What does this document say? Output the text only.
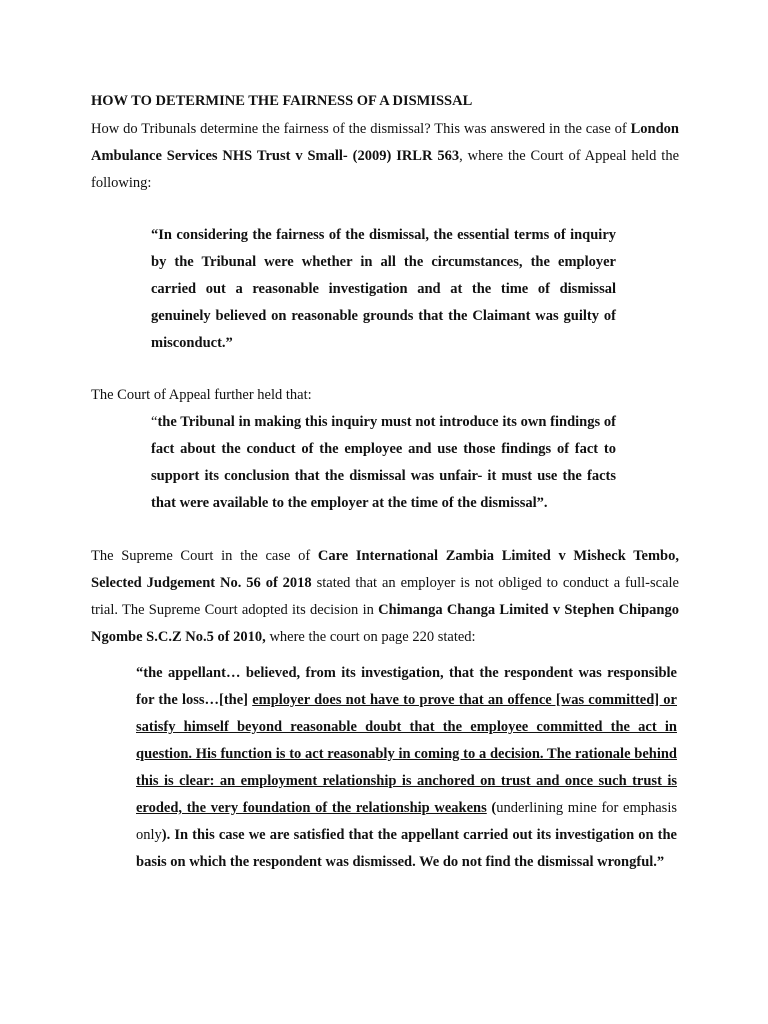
HOW TO DETERMINE THE FAIRNESS OF A DISMISSAL
How do Tribunals determine the fairness of the dismissal? This was answered in the case of London Ambulance Services NHS Trust v Small- (2009) IRLR 563, where the Court of Appeal held the following:
“In considering the fairness of the dismissal, the essential terms of inquiry by the Tribunal were whether in all the circumstances, the employer carried out a reasonable investigation and at the time of dismissal genuinely believed on reasonable grounds that the Claimant was guilty of misconduct.”
The Court of Appeal further held that:
“the Tribunal in making this inquiry must not introduce its own findings of fact about the conduct of the employee and use those findings of fact to support its conclusion that the dismissal was unfair- it must use the facts that were available to the employer at the time of the dismissal”.
The Supreme Court in the case of Care International Zambia Limited v Misheck Tembo, Selected Judgement No. 56 of 2018 stated that an employer is not obliged to conduct a full-scale trial. The Supreme Court adopted its decision in Chimanga Changa Limited v Stephen Chipango Ngombe S.C.Z No.5 of 2010, where the court on page 220 stated:
“the appellant… believed, from its investigation, that the respondent was responsible for the loss…[the] employer does not have to prove that an offence [was committed] or satisfy himself beyond reasonable doubt that the employee committed the act in question. His function is to act reasonably in coming to a decision. The rationale behind this is clear: an employment relationship is anchored on trust and once such trust is eroded, the very foundation of the relationship weakens (underlining mine for emphasis only). In this case we are satisfied that the appellant carried out its investigation on the basis on which the respondent was dismissed. We do not find the dismissal wrongful.”
